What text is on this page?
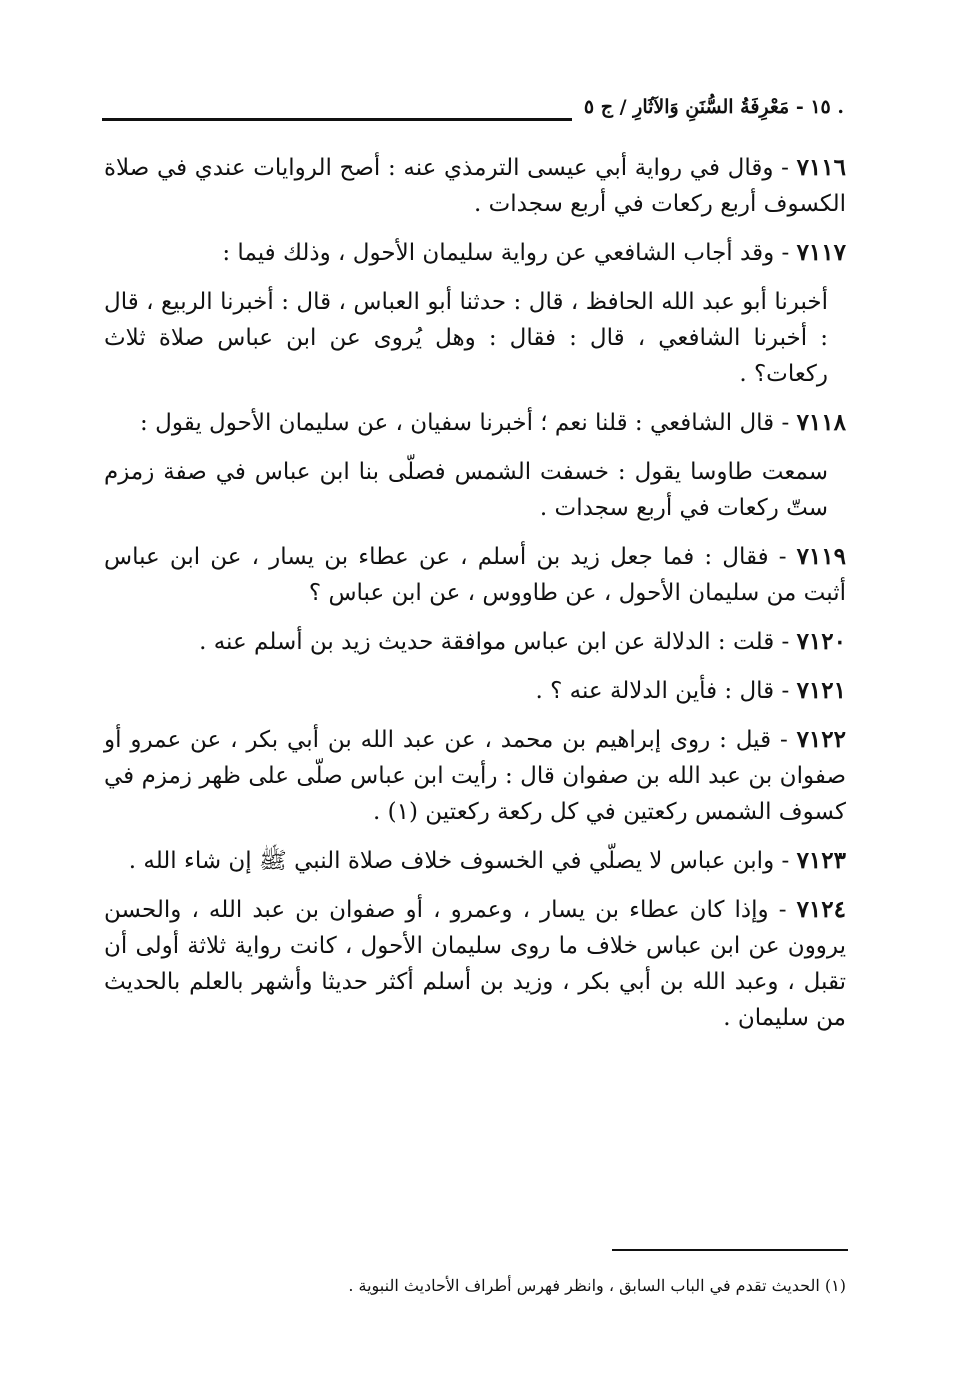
. ١٥ - مَعْرِفَةُ السُّنَنِ وَالآثَارِ / ج ٥

٧١١٦ - وقال في رواية أبي عيسى الترمذي عنه : أصح الروايات عندي في صلاة الكسوف أربع ركعات في أربع سجدات .

٧١١٧ - وقد أجاب الشافعي عن رواية سليمان الأحول ، وذلك فيما :

أخبرنا أبو عبد الله الحافظ ، قال : حدثنا أبو العباس ، قال : أخبرنا الربيع ، قال : أخبرنا الشافعي ، قال : فقال : وهل يُروى عن ابن عباس صلاة ثلاث ركعات؟ .

٧١١٨ - قال الشافعي : قلنا نعم ؛ أخبرنا سفيان ، عن سليمان الأحول يقول :

سمعت طاوسا يقول : خسفت الشمس فصلّى بنا ابن عباس في صفة زمزم ستّ ركعات في أربع سجدات .

٧١١٩ - فقال : فما جعل زيد بن أسلم ، عن عطاء بن يسار ، عن ابن عباس أثبت من سليمان الأحول ، عن طاووس ، عن ابن عباس ؟

٧١٢٠ - قلت : الدلالة عن ابن عباس موافقة حديث زيد بن أسلم عنه .

٧١٢١ - قال : فأين الدلالة عنه ؟ .

٧١٢٢ - قيل : روى إبراهيم بن محمد ، عن عبد الله بن أبي بكر ، عن عمرو أو صفوان بن عبد الله بن صفوان قال : رأيت ابن عباس صلّى على ظهر زمزم في كسوف الشمس ركعتين في كل ركعة ركعتين (١) .

٧١٢٣ - وابن عباس لا يصلّي في الخسوف خلاف صلاة النبي ﷺ إن شاء الله .

٧١٢٤ - وإذا كان عطاء بن يسار ، وعمرو ، أو صفوان بن عبد الله ، والحسن يروون عن ابن عباس خلاف ما روى سليمان الأحول ، كانت رواية ثلاثة أولى أن تقبل ، وعبد الله بن أبي بكر ، وزيد بن أسلم أكثر حديثا وأشهر بالعلم بالحديث من سليمان .

(١) الحديث تقدم في الباب السابق ، وانظر فهرس أطراف الأحاديث النبوية .
